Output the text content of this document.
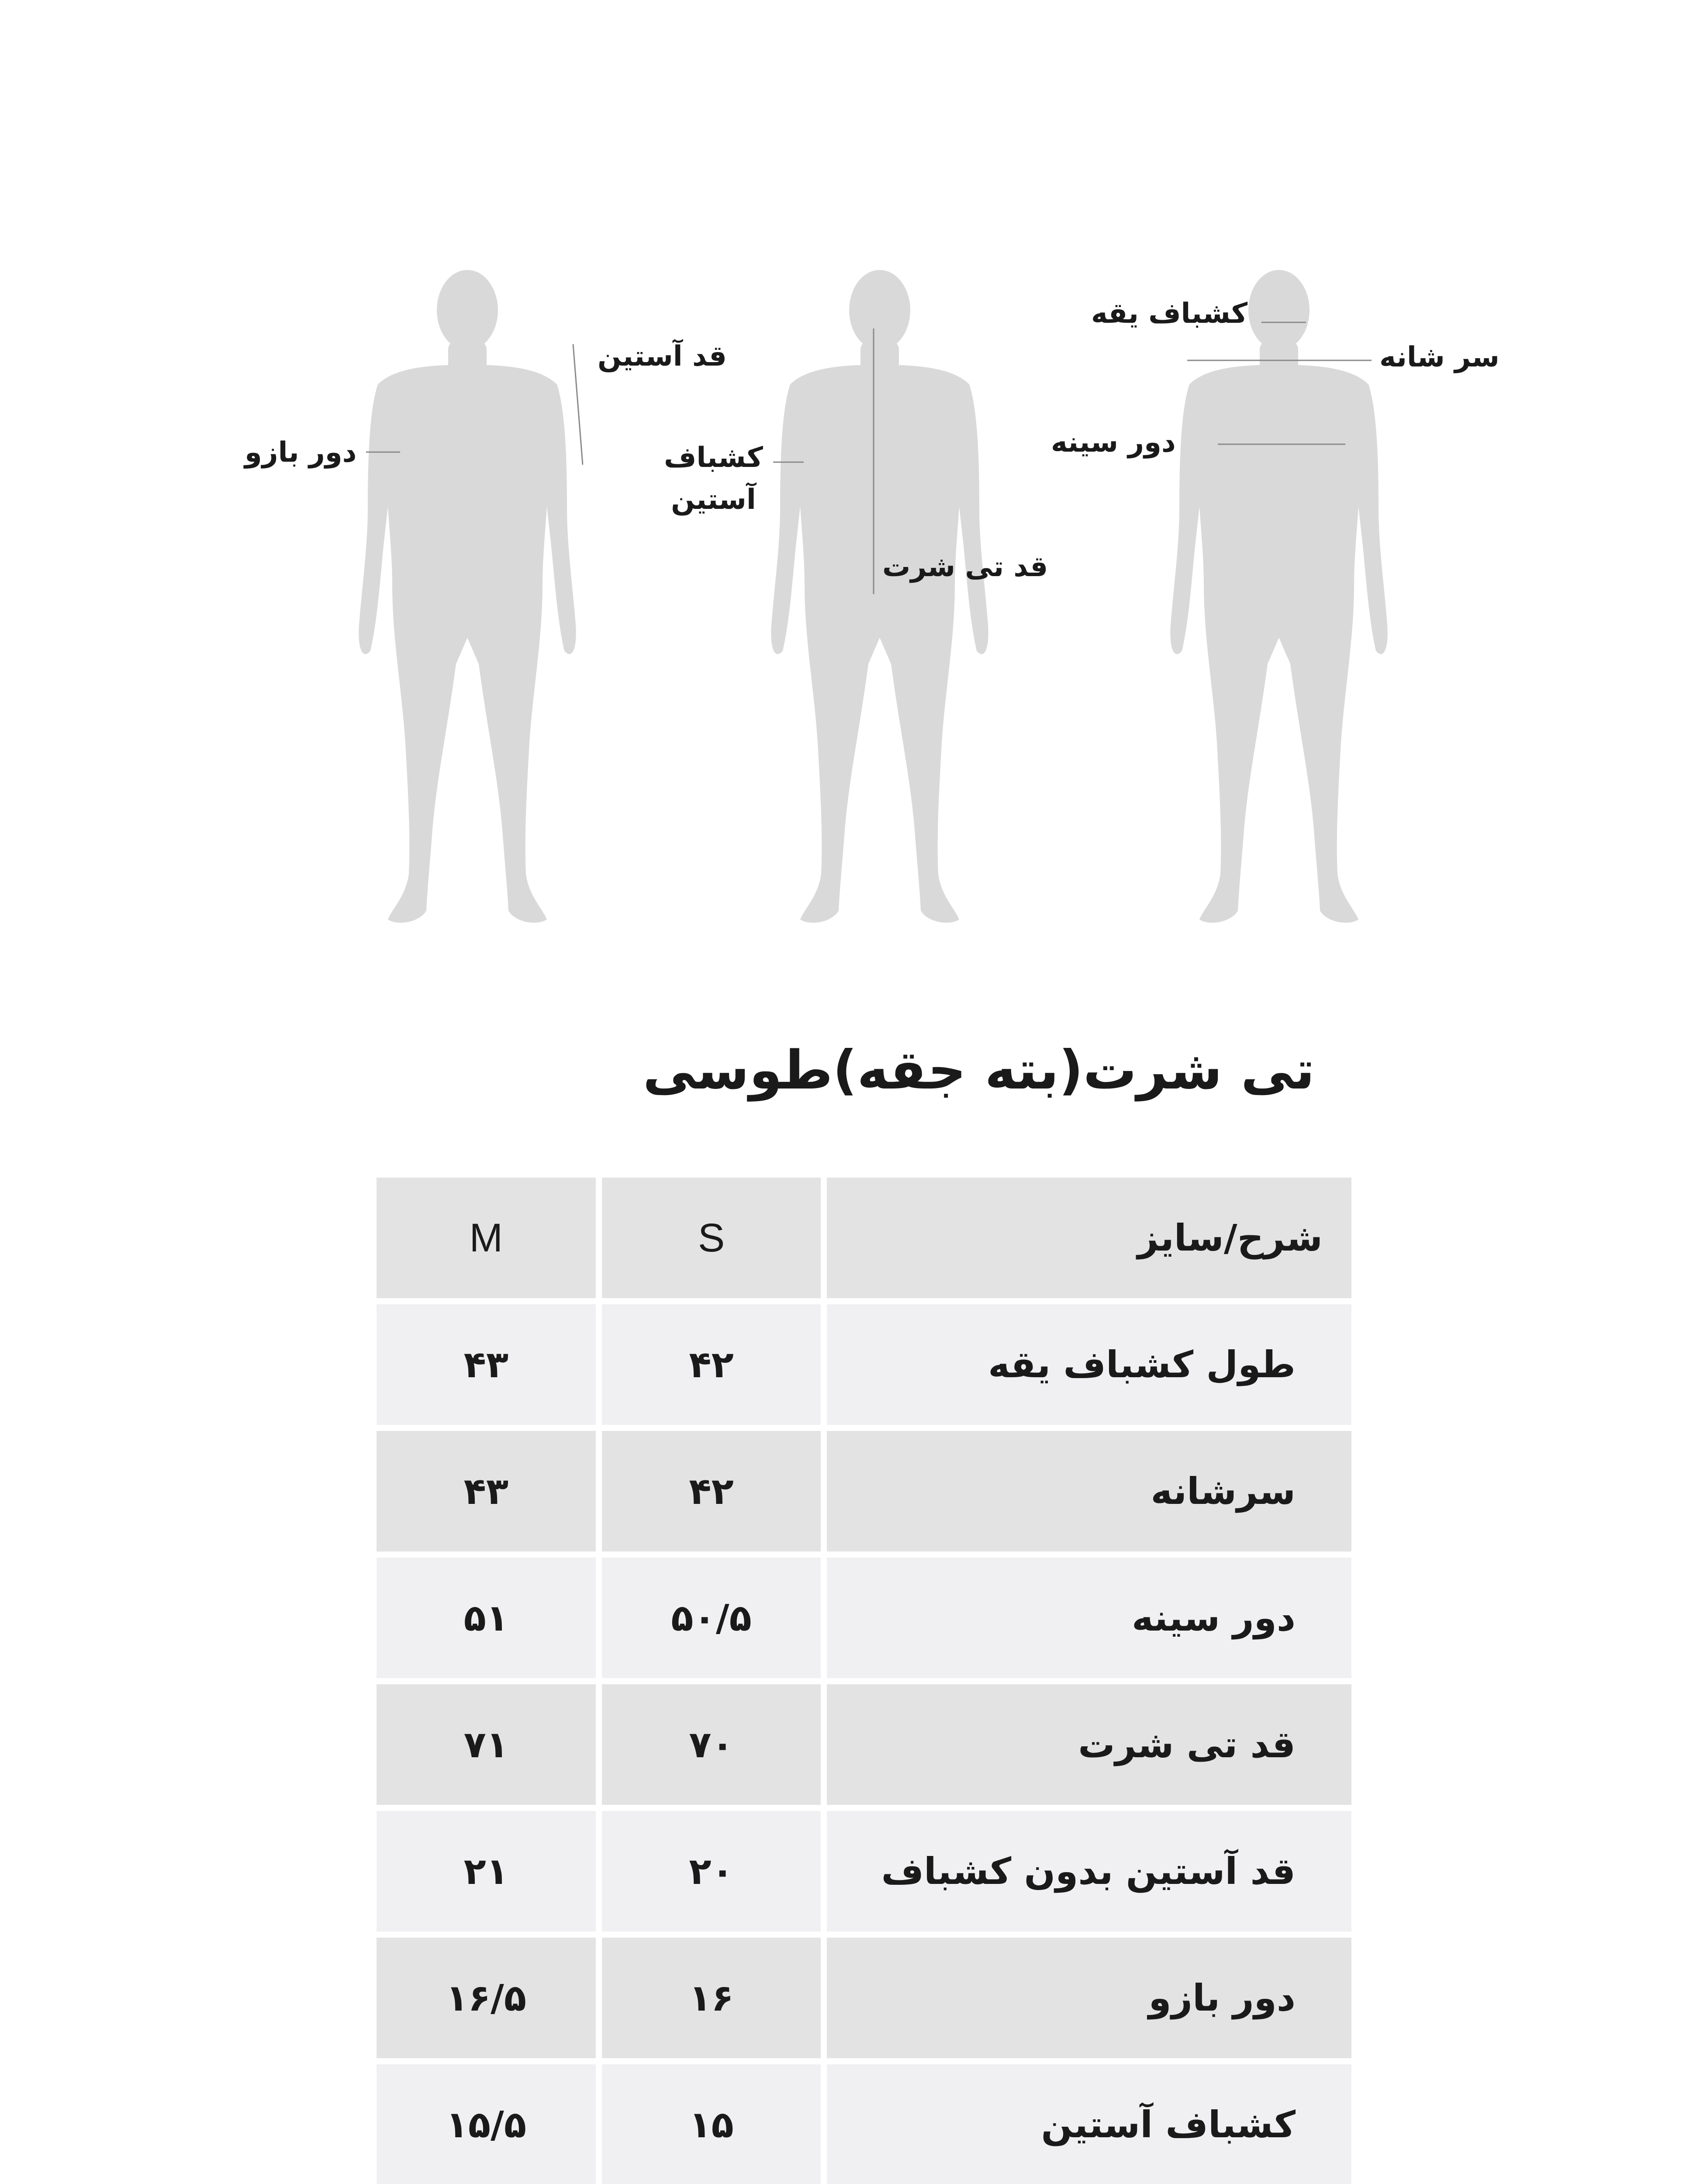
دور بازو
قد آستین
کشباف
آستین
قد تی شرت
کشباف یقه
سر شانه
دور سینه
تی شرت(بته جقه)طوسی
M	S	شرح/سایز
۴۳	۴۲	طول کشباف یقه
۴۳	۴۲	سرشانه
۵۱	۵۰/۵	دور سینه
۷۱	۷۰	قد تی شرت
۲۱	۲۰	قد آستین بدون کشباف
۱۶/۵	۱۶	دور بازو
۱۵/۵	۱۵	کشباف آستین
